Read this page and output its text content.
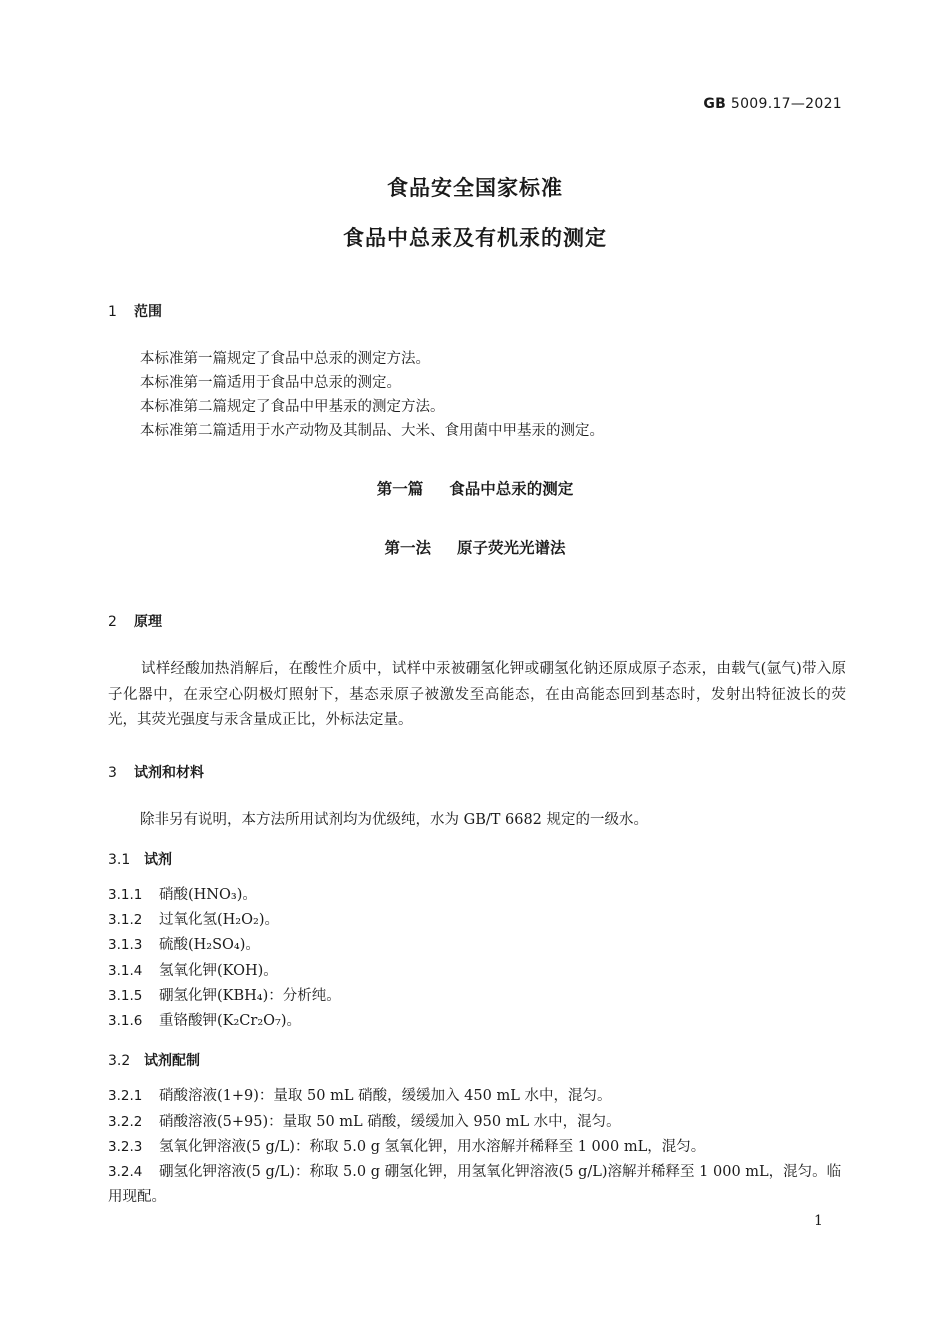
GB 5009.17—2021
食品安全国家标准
食品中总汞及有机汞的测定
1 范围
本标准第一篇规定了食品中总汞的测定方法。
本标准第一篇适用于食品中总汞的测定。
本标准第二篇规定了食品中甲基汞的测定方法。
本标准第二篇适用于水产动物及其制品、大米、食用菌中甲基汞的测定。
第一篇 食品中总汞的测定
第一法 原子荧光光谱法
2 原理
试样经酸加热消解后，在酸性介质中，试样中汞被硼氢化钾或硼氢化钠还原成原子态汞，由载气(氩气)带入原子化器中，在汞空心阴极灯照射下，基态汞原子被激发至高能态，在由高能态回到基态时，发射出特征波长的荧光，其荧光强度与汞含量成正比，外标法定量。
3 试剂和材料
除非另有说明，本方法所用试剂均为优级纯，水为 GB/T 6682 规定的一级水。
3.1 试剂
3.1.1 硝酸(HNO₃)。
3.1.2 过氧化氢(H₂O₂)。
3.1.3 硫酸(H₂SO₄)。
3.1.4 氢氧化钾(KOH)。
3.1.5 硼氢化钾(KBH₄)：分析纯。
3.1.6 重铬酸钾(K₂Cr₂O₇)。
3.2 试剂配制
3.2.1 硝酸溶液(1+9)：量取 50 mL 硝酸，缓缓加入 450 mL 水中，混匀。
3.2.2 硝酸溶液(5+95)：量取 50 mL 硝酸，缓缓加入 950 mL 水中，混匀。
3.2.3 氢氧化钾溶液(5 g/L)：称取 5.0 g 氢氧化钾，用水溶解并稀释至 1 000 mL，混匀。
3.2.4 硼氢化钾溶液(5 g/L)：称取 5.0 g 硼氢化钾，用氢氧化钾溶液(5 g/L)溶解并稀释至 1 000 mL，混匀。临用现配。
1
